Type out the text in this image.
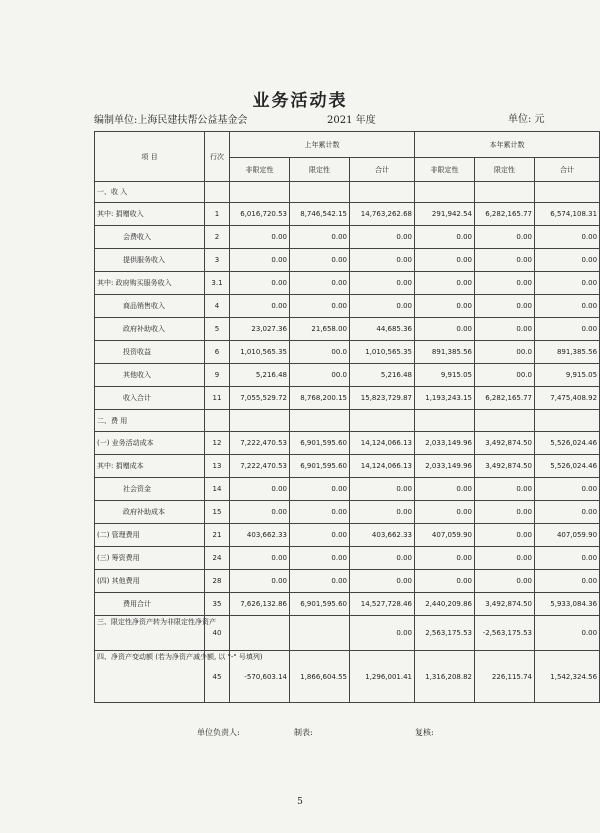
业务活动表
编制单位:上海民建扶帮公益基金会	2021 年度	单位: 元
项 目	行次	上年累计数			本年累计数		
		非限定性	限定性	合计	非限定性	限定性	合计
一、收 入							
其中: 捐赠收入	1	6,016,720.53	8,746,542.15	14,763,262.68	291,942.54	6,282,165.77	6,574,108.31
会费收入	2	0.00	0.00	0.00	0.00	0.00	0.00
提供服务收入	3	0.00	0.00	0.00	0.00	0.00	0.00
其中: 政府购买服务收入	3.1	0.00	0.00	0.00	0.00	0.00	0.00
商品销售收入	4	0.00	0.00	0.00	0.00	0.00	0.00
政府补助收入	5	23,027.36	21,658.00	44,685.36	0.00	0.00	0.00
投资收益	6	1,010,565.35	00.0	1,010,565.35	891,385.56	00.0	891,385.56
其他收入	9	5,216.48	00.0	5,216.48	9,915.05	00.0	9,915.05
收入合计	11	7,055,529.72	8,768,200.15	15,823,729.87	1,193,243.15	6,282,165.77	7,475,408.92
二、费 用							
(一) 业务活动成本	12	7,222,470.53	6,901,595.60	14,124,066.13	2,033,149.96	3,492,874.50	5,526,024.46
其中: 捐赠成本	13	7,222,470.53	6,901,595.60	14,124,066.13	2,033,149.96	3,492,874.50	5,526,024.46
社会资金	14	0.00	0.00	0.00	0.00	0.00	0.00
政府补助成本	15	0.00	0.00	0.00	0.00	0.00	0.00
(二) 管理费用	21	403,662.33	0.00	403,662.33	407,059.90	0.00	407,059.90
(三) 筹资费用	24	0.00	0.00	0.00	0.00	0.00	0.00
(四) 其他费用	28	0.00	0.00	0.00	0.00	0.00	0.00
费用合计	35	7,626,132.86	6,901,595.60	14,527,728.46	2,440,209.86	3,492,874.50	5,933,084.36
三、限定性净资产转为非限定性净资产	40			0.00	2,563,175.53	-2,563,175.53	0.00
四、净资产变动额 (若为净资产减少额, 以 "-" 号填列)	45	-570,603.14	1,866,604.55	1,296,001.41	1,316,208.82	226,115.74	1,542,324.56
单位负责人:	制表:	复核:
5
